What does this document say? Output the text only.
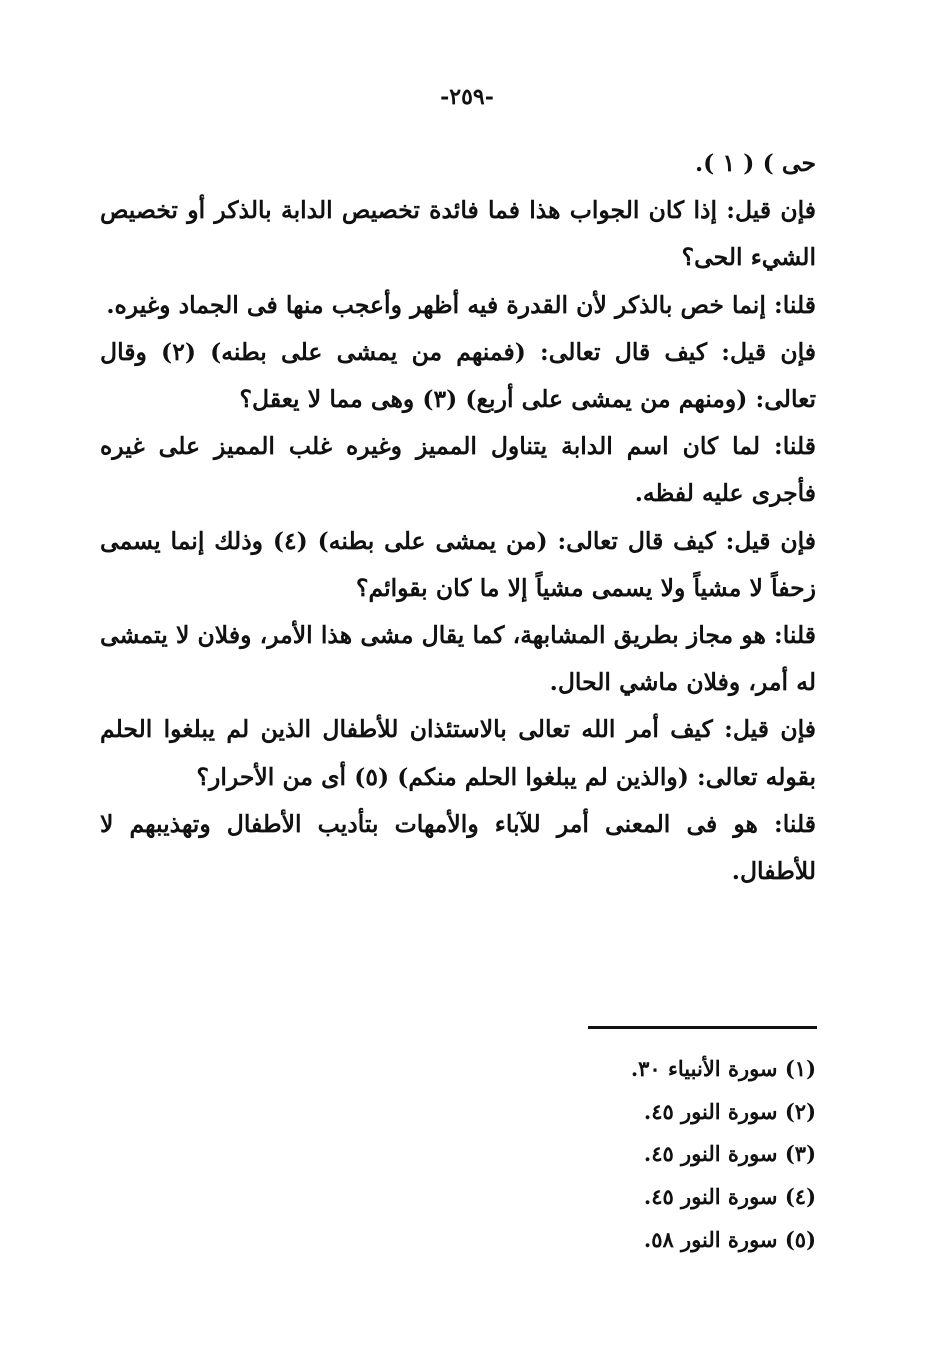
-٢٥٩-

حى ) ( ١ ).

فإن قيل: إذا كان الجواب هذا فما فائدة تخصيص الدابة بالذكر أو تخصيص الشيء الحى؟

قلنا: إنما خص بالذكر لأن القدرة فيه أظهر وأعجب منها فى الجماد وغيره.

فإن قيل: كيف قال تعالى: (فمنهم من يمشى على بطنه) (٢) وقال تعالى: (ومنهم من يمشى على أربع) (٣) وهى مما لا يعقل؟

قلنا: لما كان اسم الدابة يتناول المميز وغيره غلب المميز على غيره فأجرى عليه لفظه.

فإن قيل: كيف قال تعالى: (من يمشى على بطنه) (٤) وذلك إنما يسمى زحفاً لا مشياً ولا يسمى مشياً إلا ما كان بقوائم؟

قلنا: هو مجاز بطريق المشابهة، كما يقال مشى هذا الأمر، وفلان لا يتمشى له أمر، وفلان ماشي الحال.

فإن قيل: كيف أمر الله تعالى بالاستئذان للأطفال الذين لم يبلغوا الحلم بقوله تعالى: (والذين لم يبلغوا الحلم منكم) (٥) أى من الأحرار؟

قلنا: هو فى المعنى أمر للآباء والأمهات بتأديب الأطفال وتهذيبهم لا للأطفال.

(١) سورة الأنبياء ٣٠.

(٢) سورة النور ٤٥.

(٣) سورة النور ٤٥.

(٤) سورة النور ٤٥.

(٥) سورة النور ٥٨.
